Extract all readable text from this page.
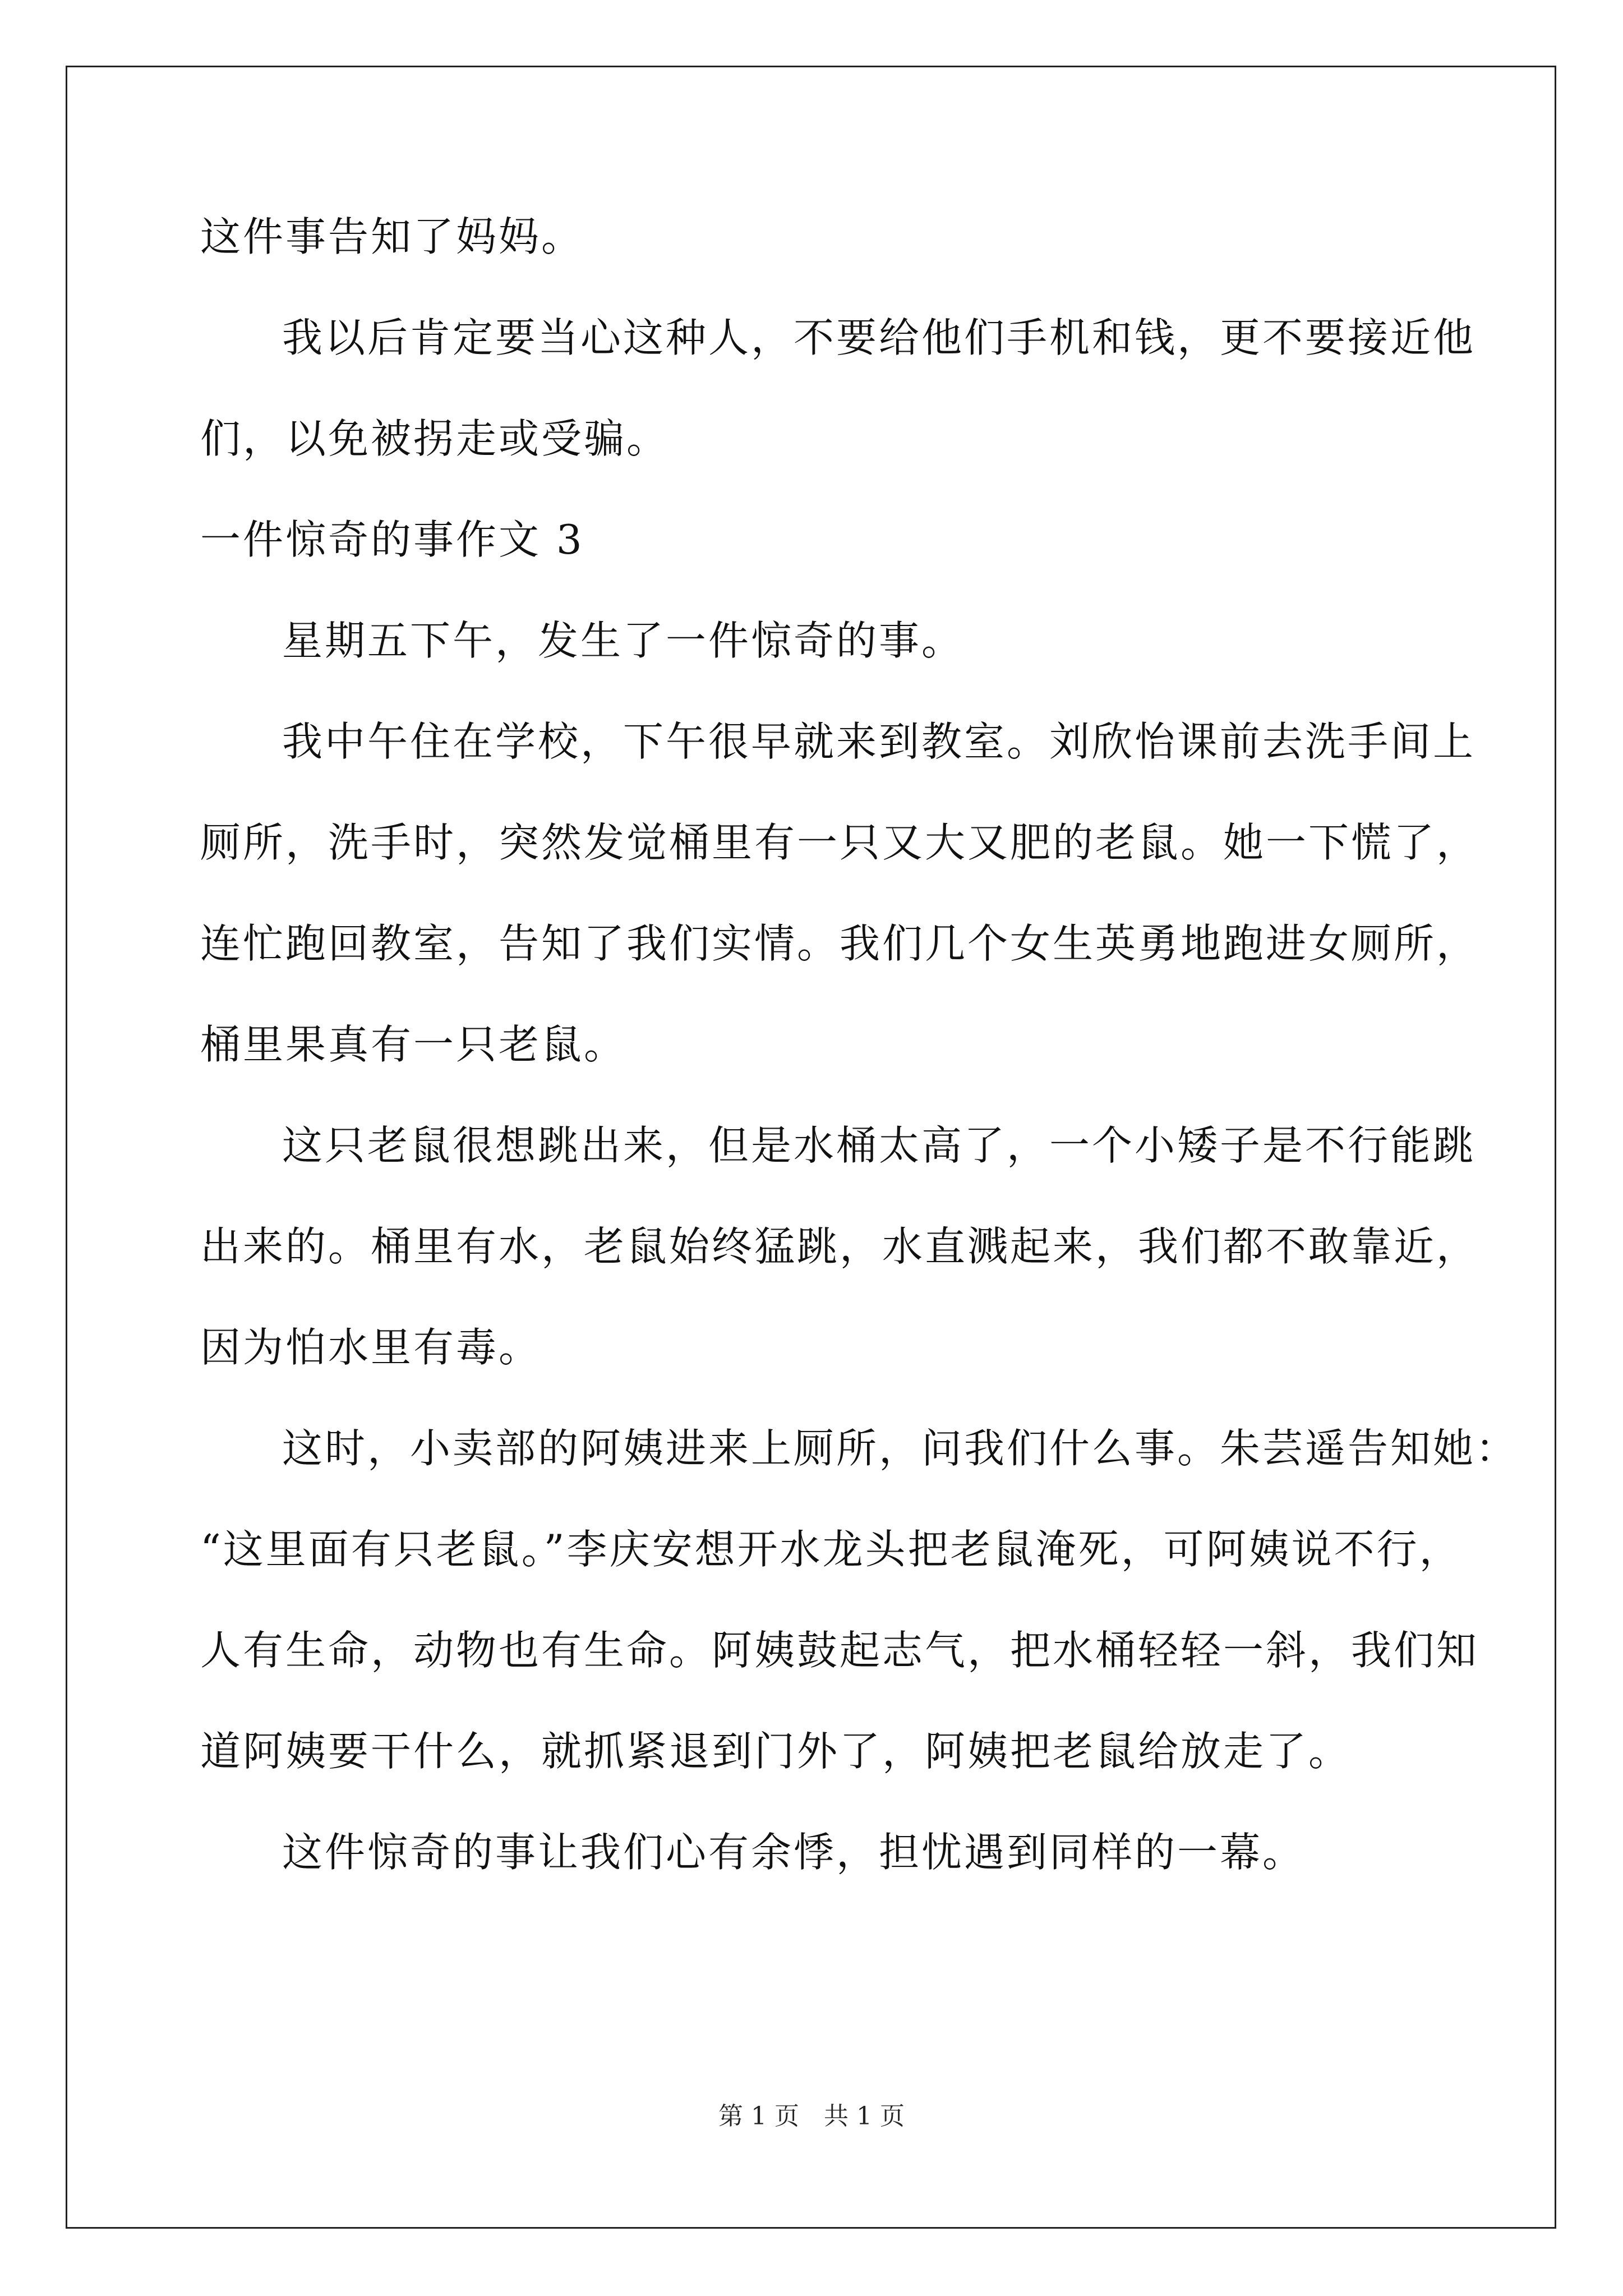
这件事告知了妈妈。
我以后肯定要当心这种人，不要给他们手机和钱，更不要接近他
们，以免被拐走或受骗。
一件惊奇的事作文 3
星期五下午，发生了一件惊奇的事。
我中午住在学校，下午很早就来到教室。刘欣怡课前去洗手间上
厕所，洗手时，突然发觉桶里有一只又大又肥的老鼠。她一下慌了，
连忙跑回教室，告知了我们实情。我们几个女生英勇地跑进女厕所，
桶里果真有一只老鼠。
这只老鼠很想跳出来，但是水桶太高了，一个小矮子是不行能跳
出来的。桶里有水，老鼠始终猛跳，水直溅起来，我们都不敢靠近，
因为怕水里有毒。
这时，小卖部的阿姨进来上厕所，问我们什么事。朱芸遥告知她：
“这里面有只老鼠。”李庆安想开水龙头把老鼠淹死，可阿姨说不行，
人有生命，动物也有生命。阿姨鼓起志气，把水桶轻轻一斜，我们知
道阿姨要干什么，就抓紧退到门外了，阿姨把老鼠给放走了。
这件惊奇的事让我们心有余悸，担忧遇到同样的一幕。
第 1 页　共 1 页
